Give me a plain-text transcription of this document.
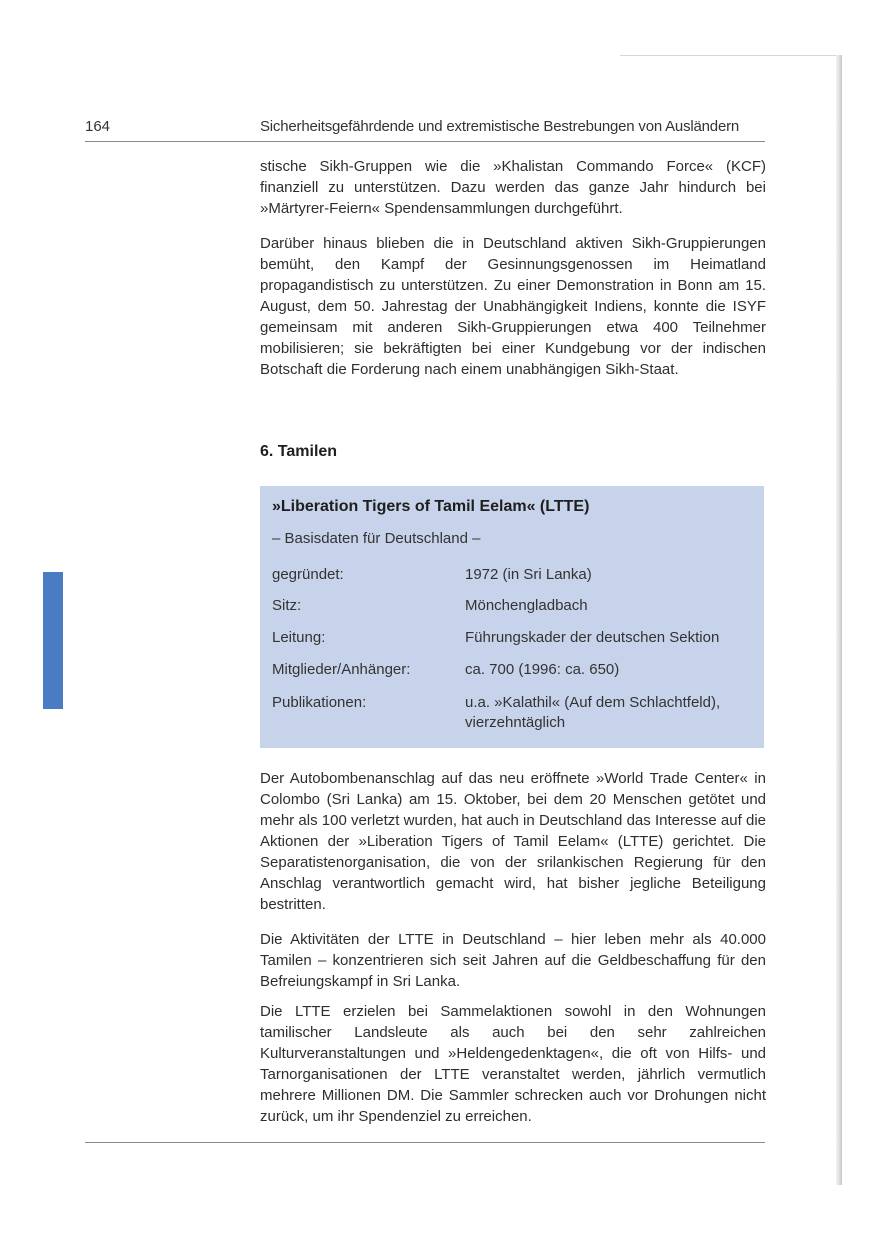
164	Sicherheitsgefährdende und extremistische Bestrebungen von Ausländern

stische Sikh-Gruppen wie die »Khalistan Commando Force« (KCF) finanziell zu unterstützen. Dazu werden das ganze Jahr hindurch bei »Märtyrer-Feiern« Spendensammlungen durchgeführt.

Darüber hinaus blieben die in Deutschland aktiven Sikh-Gruppierungen bemüht, den Kampf der Gesinnungsgenossen im Heimatland propagandistisch zu unterstützen. Zu einer Demonstration in Bonn am 15. August, dem 50. Jahrestag der Unabhängigkeit Indiens, konnte die ISYF gemeinsam mit anderen Sikh-Gruppierungen etwa 400 Teilnehmer mobilisieren; sie bekräftigten bei einer Kundgebung vor der indischen Botschaft die Forderung nach einem unabhängigen Sikh-Staat.

6. Tamilen
»Liberation Tigers of Tamil Eelam« (LTTE)
– Basisdaten für Deutschland –
gegründet:	1972 (in Sri Lanka)
Sitz:	Mönchengladbach
Leitung:	Führungskader der deutschen Sektion
Mitglieder/Anhänger:	ca. 700 (1996: ca. 650)
Publikationen:	u.a. »Kalathil« (Auf dem Schlachtfeld), vierzehntäglich

Der Autobombenanschlag auf das neu eröffnete »World Trade Center« in Colombo (Sri Lanka) am 15. Oktober, bei dem 20 Menschen getötet und mehr als 100 verletzt wurden, hat auch in Deutschland das Interesse auf die Aktionen der »Liberation Tigers of Tamil Eelam« (LTTE) gerichtet. Die Separatistenorganisation, die von der srilankischen Regierung für den Anschlag verantwortlich gemacht wird, hat bisher jegliche Beteiligung bestritten.

Die Aktivitäten der LTTE in Deutschland – hier leben mehr als 40.000 Tamilen – konzentrieren sich seit Jahren auf die Geldbeschaffung für den Befreiungskampf in Sri Lanka.

Die LTTE erzielen bei Sammelaktionen sowohl in den Wohnungen tamilischer Landsleute als auch bei den sehr zahlreichen Kulturveranstaltungen und »Heldengedenktagen«, die oft von Hilfs- und Tarnorganisationen der LTTE veranstaltet werden, jährlich vermutlich mehrere Millionen DM. Die Sammler schrecken auch vor Drohungen nicht zurück, um ihr Spendenziel zu erreichen.
